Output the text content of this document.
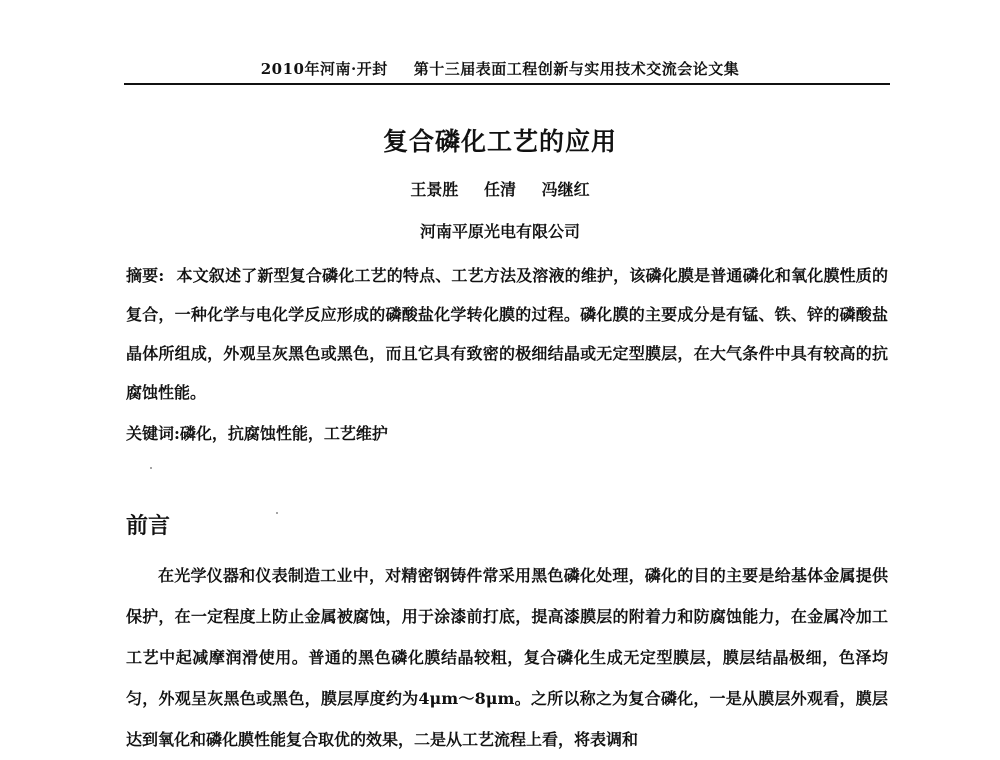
2010年河南·开封 第十三届表面工程创新与实用技术交流会论文集
复合磷化工艺的应用
王景胜 任清 冯继红
河南平原光电有限公司
摘要: 本文叙述了新型复合磷化工艺的特点、工艺方法及溶液的维护，该磷化膜是普通磷化和氧化膜性质的复合，一种化学与电化学反应形成的磷酸盐化学转化膜的过程。磷化膜的主要成分是有锰、铁、锌的磷酸盐晶体所组成，外观呈灰黑色或黑色，而且它具有致密的极细结晶或无定型膜层，在大气条件中具有较高的抗腐蚀性能。
关键词:磷化，抗腐蚀性能，工艺维护
前言
在光学仪器和仪表制造工业中，对精密钢铸件常采用黑色磷化处理，磷化的目的主要是给基体金属提供保护，在一定程度上防止金属被腐蚀，用于涂漆前打底，提高漆膜层的附着力和防腐蚀能力，在金属冷加工工艺中起减摩润滑使用。普通的黑色磷化膜结晶较粗，复合磷化生成无定型膜层，膜层结晶极细，色泽均匀，外观呈灰黑色或黑色，膜层厚度约为4μm～8μm。之所以称之为复合磷化，一是从膜层外观看，膜层达到氧化和磷化膜性能复合取优的效果，二是从工艺流程上看，将表调和
